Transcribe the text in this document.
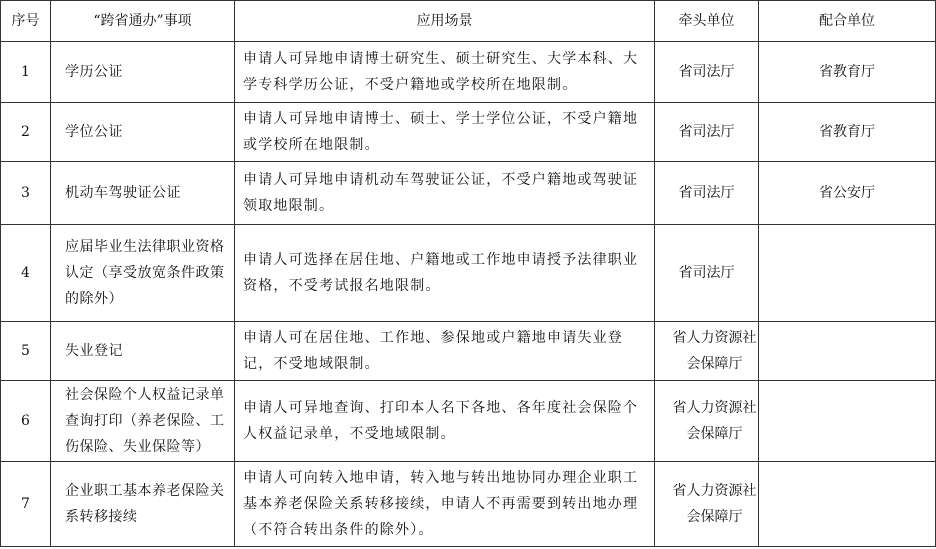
序号	“跨省通办”事项	应用场景	牵头单位	配合单位
1	学历公证	申请人可异地申请博士研究生、硕士研究生、大学本科、大学专科学历公证，不受户籍地或学校所在地限制。	省司法厅	省教育厅
2	学位公证	申请人可异地申请博士、硕士、学士学位公证，不受户籍地或学校所在地限制。	省司法厅	省教育厅
3	机动车驾驶证公证	申请人可异地申请机动车驾驶证公证，不受户籍地或驾驶证领取地限制。	省司法厅	省公安厅
4	应届毕业生法律职业资格认定（享受放宽条件政策的除外）	申请人可选择在居住地、户籍地或工作地申请授予法律职业资格，不受考试报名地限制。	省司法厅	
5	失业登记	申请人可在居住地、工作地、参保地或户籍地申请失业登记，不受地域限制。	省人力资源社会保障厅	
6	社会保险个人权益记录单查询打印（养老保险、工伤保险、失业保险等）	申请人可异地查询、打印本人名下各地、各年度社会保险个人权益记录单，不受地域限制。	省人力资源社会保障厅	
7	企业职工基本养老保险关系转移接续	申请人可向转入地申请，转入地与转出地协同办理企业职工基本养老保险关系转移接续，申请人不再需要到转出地办理（不符合转出条件的除外）。	省人力资源社会保障厅	
